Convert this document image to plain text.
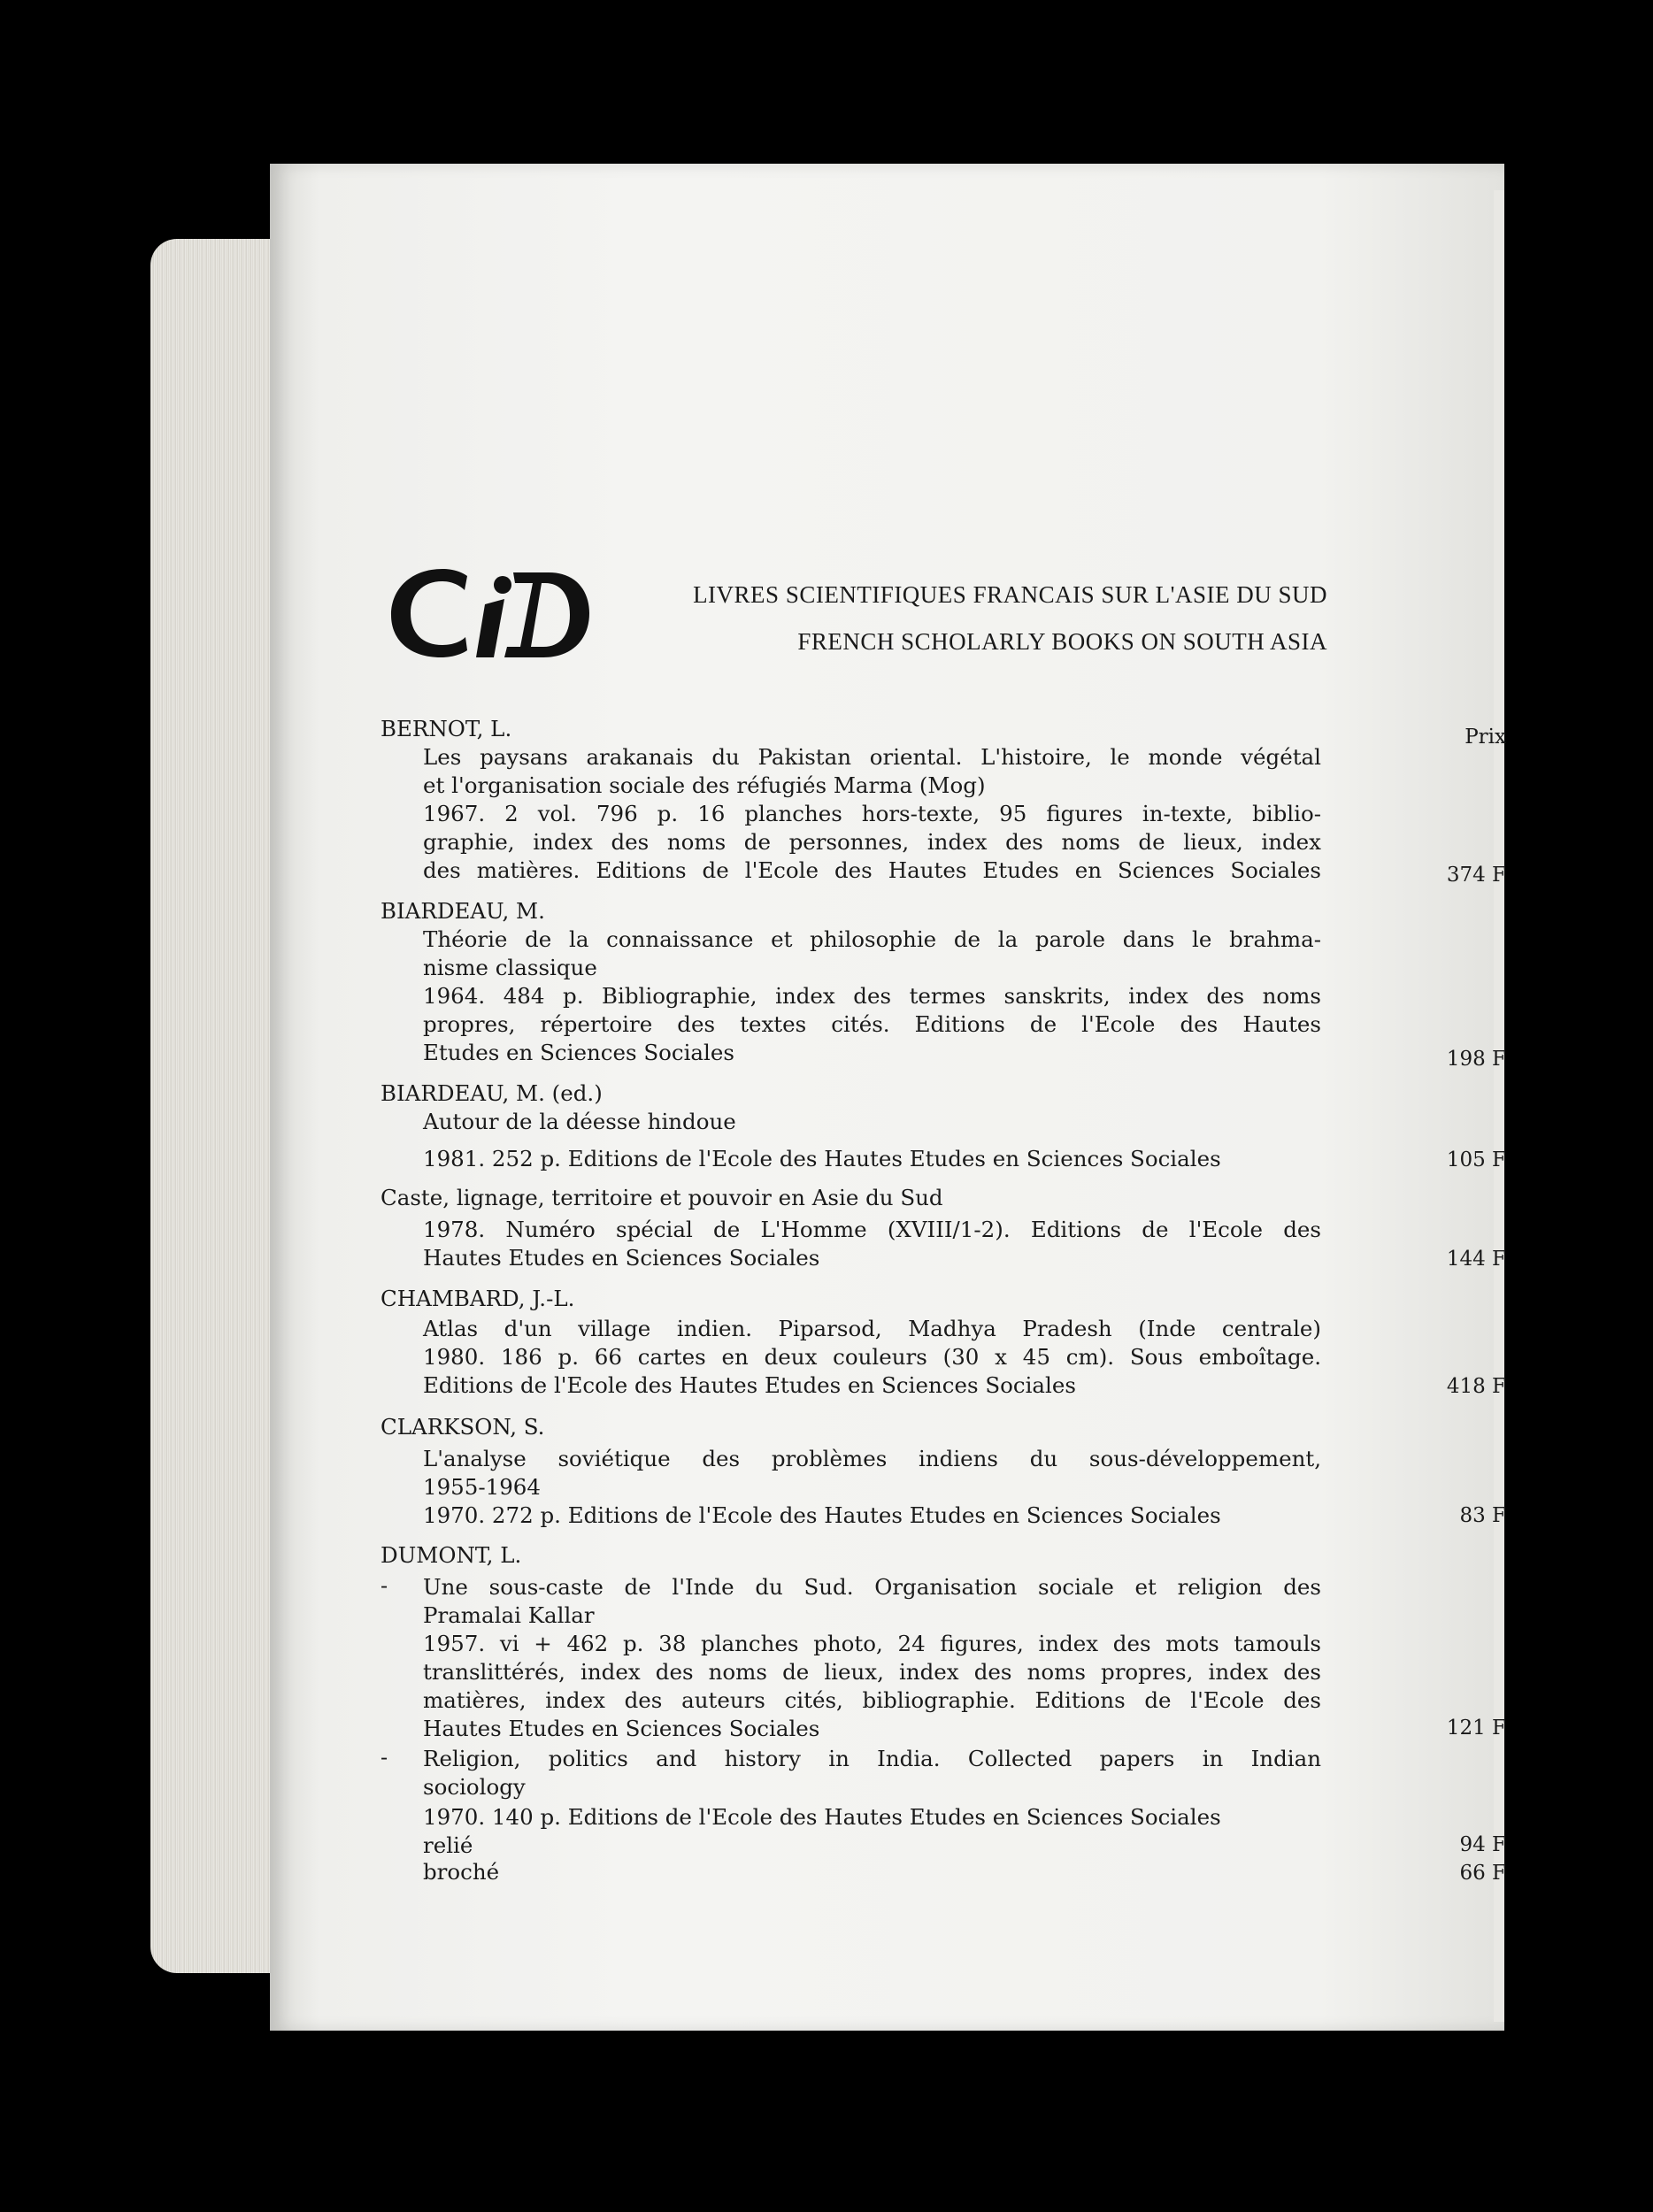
LIVRES SCIENTIFIQUES FRANCAIS SUR L'ASIE DU SUD
FRENCH SCHOLARLY BOOKS ON SOUTH ASIA
Prix
BERNOT, L.
Les paysans arakanais du Pakistan oriental. L'histoire, le monde végétal
et l'organisation sociale des réfugiés Marma (Mog)
1967. 2 vol. 796 p. 16 planches hors-texte, 95 figures in-texte, biblio-
graphie, index des noms de personnes, index des noms de lieux, index
des matières. Editions de l'Ecole des Hautes Etudes en Sciences Sociales	374 F
BIARDEAU, M.
Théorie de la connaissance et philosophie de la parole dans le brahma-
nisme classique
1964. 484 p. Bibliographie, index des termes sanskrits, index des noms
propres, répertoire des textes cités. Editions de l'Ecole des Hautes
Etudes en Sciences Sociales	198 F
BIARDEAU, M. (ed.)
Autour de la déesse hindoue
1981. 252 p. Editions de l'Ecole des Hautes Etudes en Sciences Sociales	105 F
Caste, lignage, territoire et pouvoir en Asie du Sud
1978. Numéro spécial de L'Homme (XVIII/1-2). Editions de l'Ecole des
Hautes Etudes en Sciences Sociales	144 F
CHAMBARD, J.-L.
Atlas d'un village indien. Piparsod, Madhya Pradesh (Inde centrale)
1980. 186 p. 66 cartes en deux couleurs (30 x 45 cm). Sous emboîtage.
Editions de l'Ecole des Hautes Etudes en Sciences Sociales	418 F
CLARKSON, S.
L'analyse soviétique des problèmes indiens du sous-développement,
1955-1964
1970. 272 p. Editions de l'Ecole des Hautes Etudes en Sciences Sociales	83 F
DUMONT, L.
- Une sous-caste de l'Inde du Sud. Organisation sociale et religion des
Pramalai Kallar
1957. vi + 462 p. 38 planches photo, 24 figures, index des mots tamouls
translittérés, index des noms de lieux, index des noms propres, index des
matières, index des auteurs cités, bibliographie. Editions de l'Ecole des
Hautes Etudes en Sciences Sociales	121 F
- Religion, politics and history in India. Collected papers in Indian
sociology
1970. 140 p. Editions de l'Ecole des Hautes Etudes en Sciences Sociales
relié	94 F
broché	66 F
